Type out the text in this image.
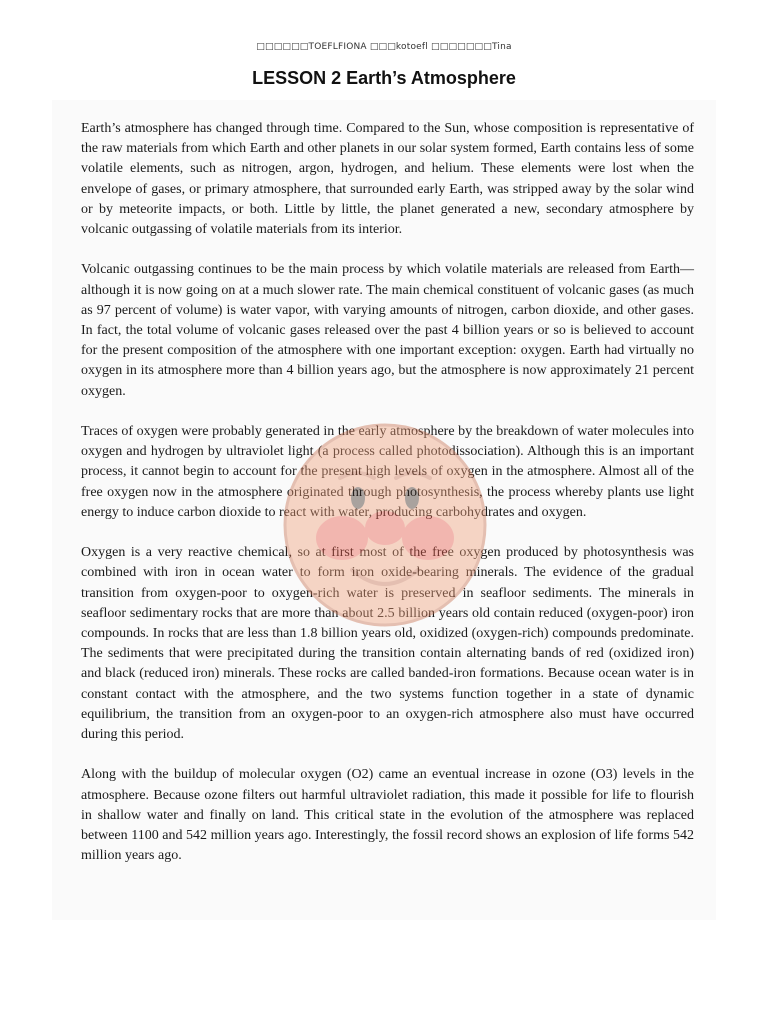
□□□□□□TOEFLFIONA □□□kotoefl □□□□□□□Tina
LESSON 2 Earth’s Atmosphere

Earth’s atmosphere has changed through time. Compared to the Sun, whose composition is representative of the raw materials from which Earth and other planets in our solar system formed, Earth contains less of some volatile elements, such as nitrogen, argon, hydrogen, and helium. These elements were lost when the envelope of gases, or primary atmosphere, that surrounded early Earth, was stripped away by the solar wind or by meteorite impacts, or both. Little by little, the planet generated a new, secondary atmosphere by volcanic outgassing of volatile materials from its interior.

Volcanic outgassing continues to be the main process by which volatile materials are released from Earth—although it is now going on at a much slower rate. The main chemical constituent of volcanic gases (as much as 97 percent of volume) is water vapor, with varying amounts of nitrogen, carbon dioxide, and other gases. In fact, the total volume of volcanic gases released over the past 4 billion years or so is believed to account for the present composition of the atmosphere with one important exception: oxygen. Earth had virtually no oxygen in its atmosphere more than 4 billion years ago, but the atmosphere is now approximately 21 percent oxygen.

Traces of oxygen were probably generated in the early atmosphere by the breakdown of water molecules into oxygen and hydrogen by ultraviolet light (a process called photodissociation). Although this is an important process, it cannot begin to account for the present high levels of oxygen in the atmosphere. Almost all of the free oxygen now in the atmosphere originated through photosynthesis, the process whereby plants use light energy to induce carbon dioxide to react with water, producing carbohydrates and oxygen.

Oxygen is a very reactive chemical, so at first most of the free oxygen produced by photosynthesis was combined with iron in ocean water to form iron oxide-bearing minerals. The evidence of the gradual transition from oxygen-poor to oxygen-rich water is preserved in seafloor sediments. The minerals in seafloor sedimentary rocks that are more than about 2.5 billion years old contain reduced (oxygen-poor) iron compounds. In rocks that are less than 1.8 billion years old, oxidized (oxygen-rich) compounds predominate. The sediments that were precipitated during the transition contain alternating bands of red (oxidized iron) and black (reduced iron) minerals. These rocks are called banded-iron formations. Because ocean water is in constant contact with the atmosphere, and the two systems function together in a state of dynamic equilibrium, the transition from an oxygen-poor to an oxygen-rich atmosphere also must have occurred during this period.

Along with the buildup of molecular oxygen (O2) came an eventual increase in ozone (O3) levels in the atmosphere. Because ozone filters out harmful ultraviolet radiation, this made it possible for life to flourish in shallow water and finally on land. This critical state in the evolution of the atmosphere was replaced between 1100 and 542 million years ago. Interestingly, the fossil record shows an explosion of life forms 542 million years ago.
